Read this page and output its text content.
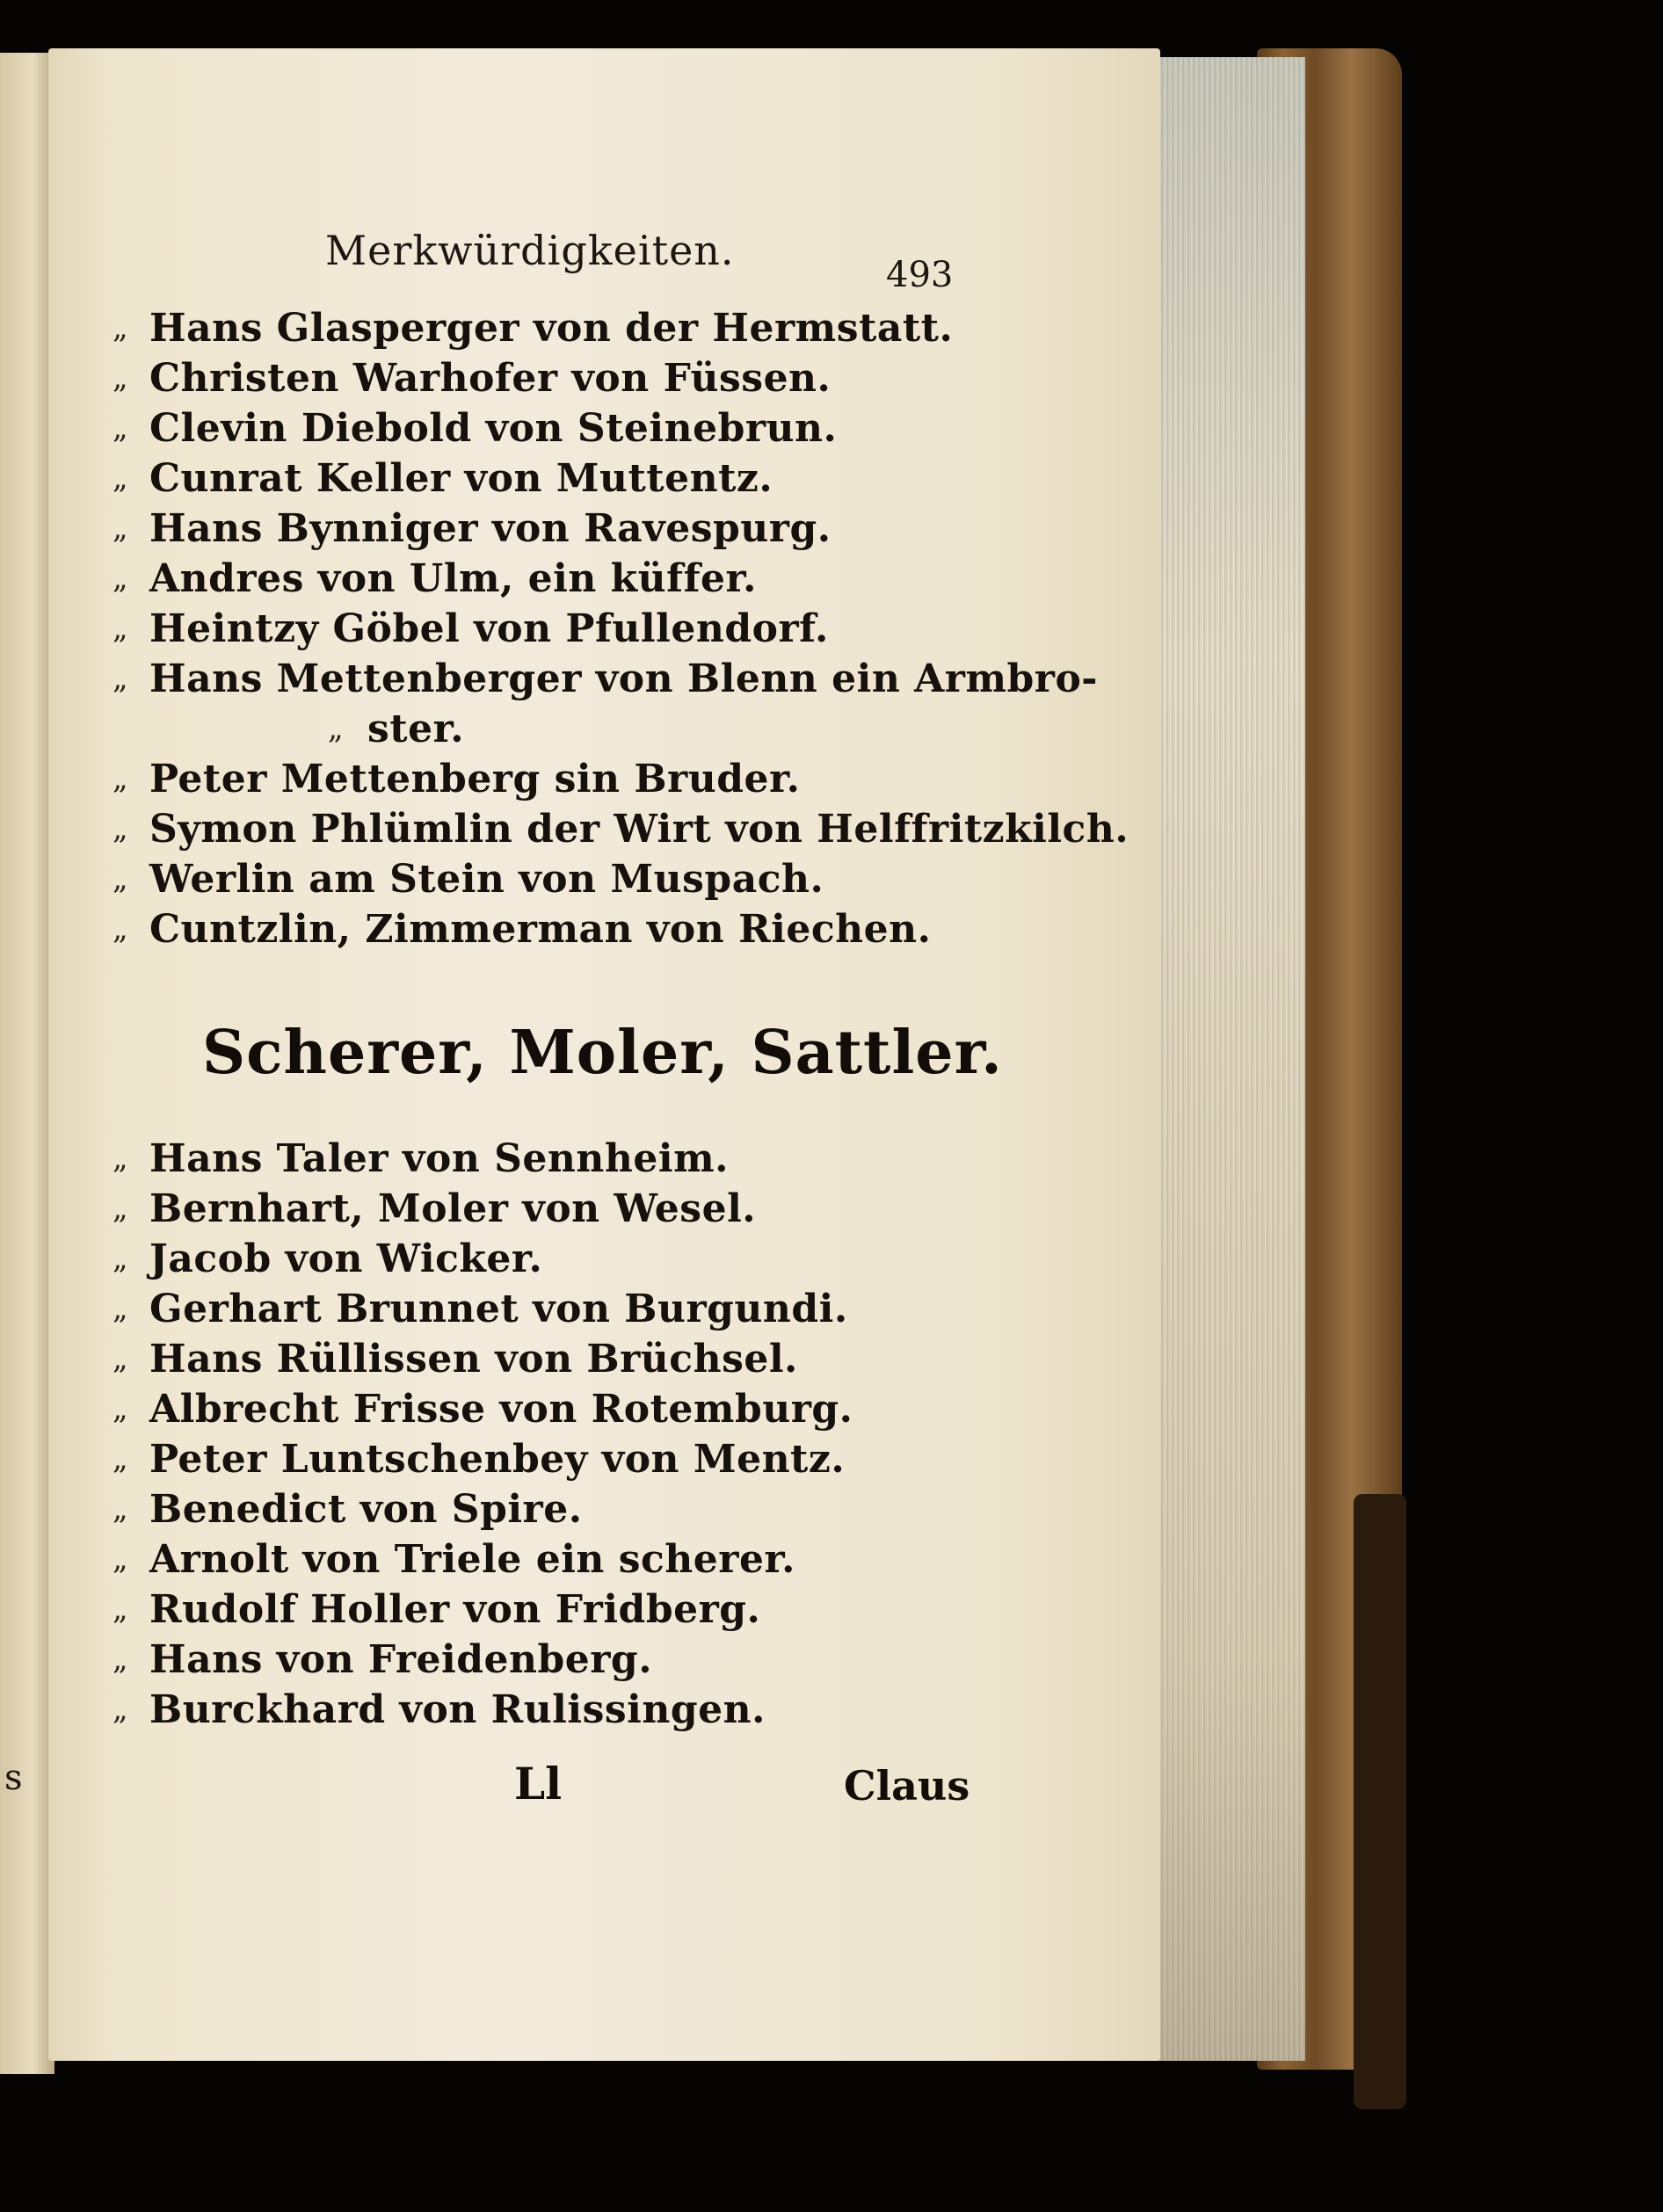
s
Merkwürdigkeiten.
493
„ Hans Glasperger von der Hermstatt.
„ Christen Warhofer von Füssen.
„ Clevin Diebold von Steinebrun.
„ Cunrat Keller von Muttentz.
„ Hans Bynniger von Ravespurg.
„ Andres von Ulm, ein küffer.
„ Heintzy Göbel von Pfullendorf.
„ Hans Mettenberger von Blenn ein Armbro-
„ ster.
„ Peter Mettenberg sin Bruder.
„ Symon Phlümlin der Wirt von Helffritzkilch.
„ Werlin am Stein von Muspach.
„ Cuntzlin, Zimmerman von Riechen.
Scherer, Moler, Sattler.
„ Hans Taler von Sennheim.
„ Bernhart, Moler von Wesel.
„ Jacob von Wicker.
„ Gerhart Brunnet von Burgundi.
„ Hans Rüllissen von Brüchsel.
„ Albrecht Frisse von Rotemburg.
„ Peter Luntschenbey von Mentz.
„ Benedict von Spire.
„ Arnolt von Triele ein scherer.
„ Rudolf Holler von Fridberg.
„ Hans von Freidenberg.
„ Burckhard von Rulissingen.
Ll	Claus
